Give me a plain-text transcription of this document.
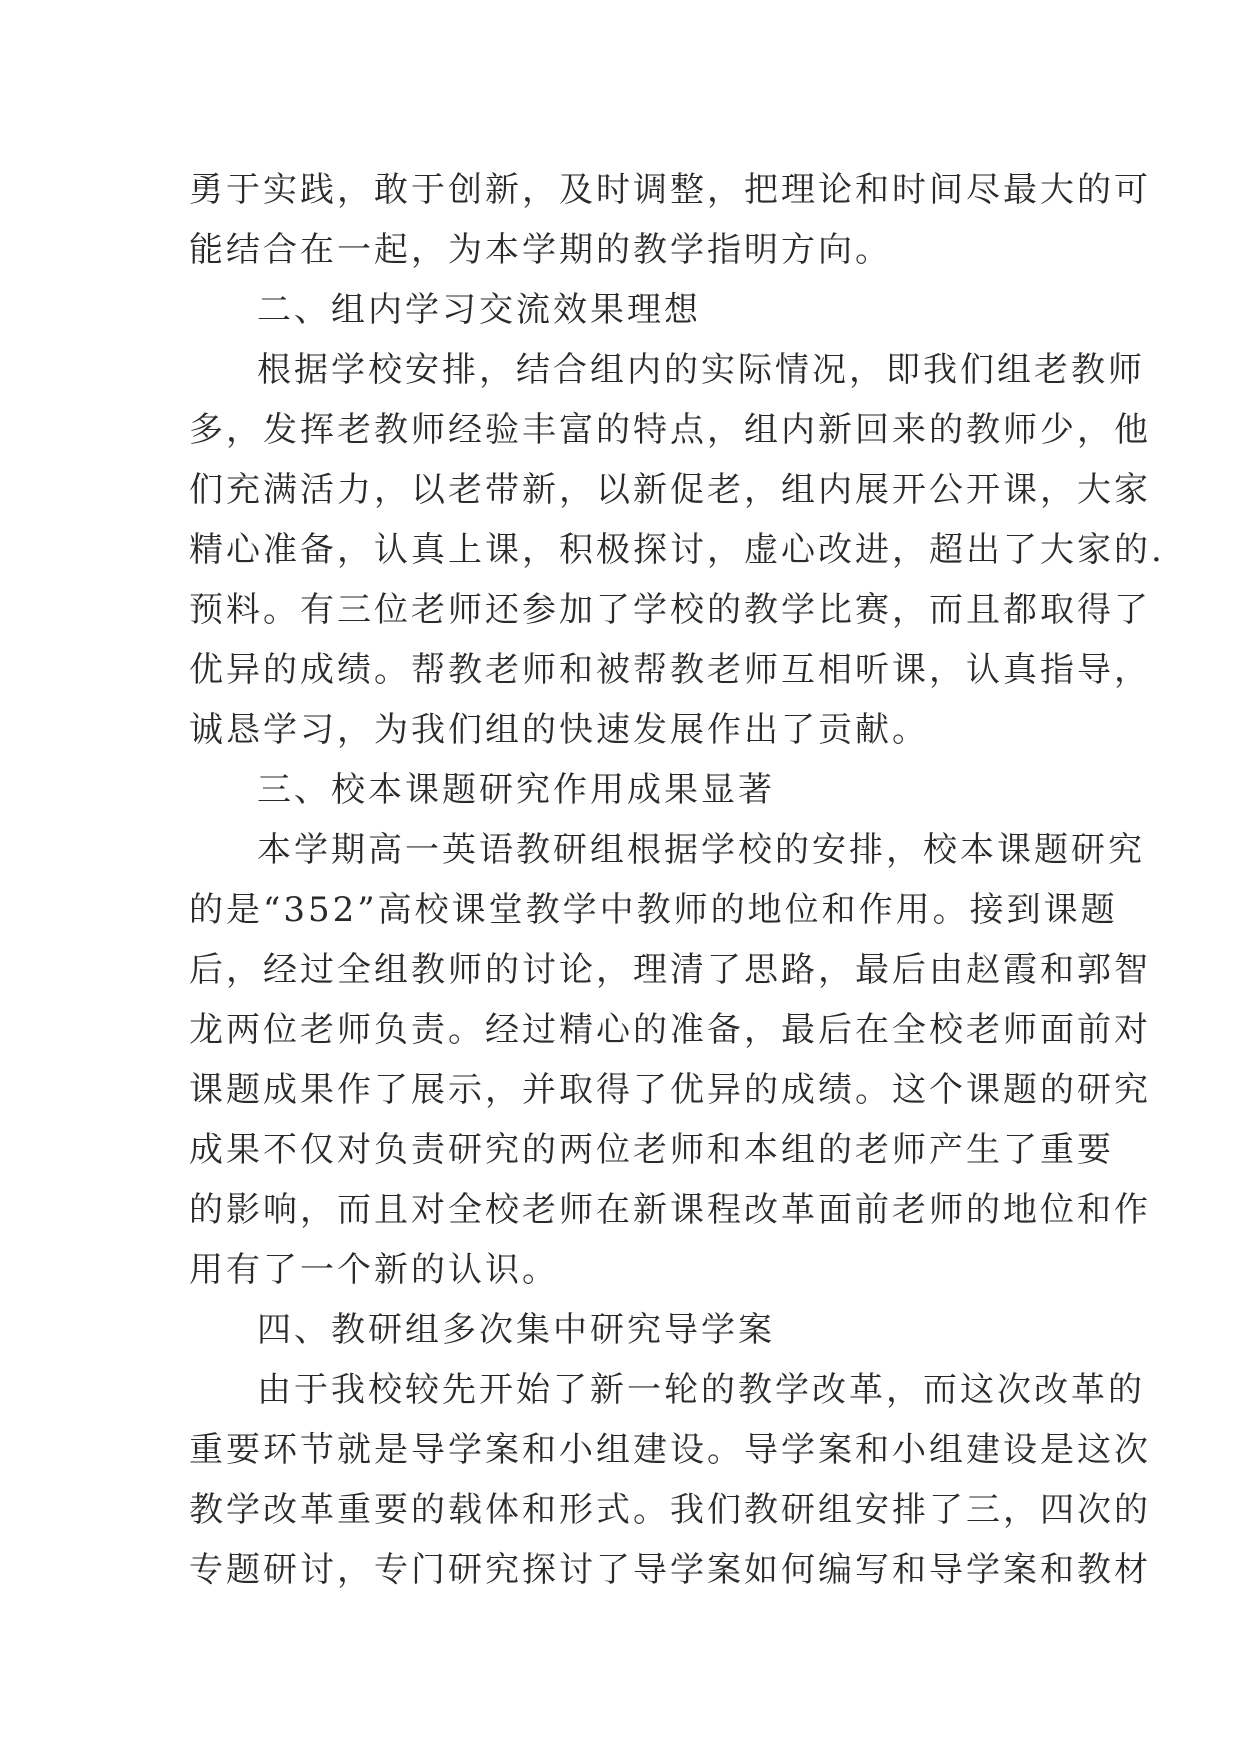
勇于实践，敢于创新，及时调整，把理论和时间尽最大的可
能结合在一起，为本学期的教学指明方向。
二、组内学习交流效果理想
根据学校安排，结合组内的实际情况，即我们组老教师
多，发挥老教师经验丰富的特点，组内新回来的教师少，他
们充满活力，以老带新，以新促老，组内展开公开课，大家
精心准备，认真上课，积极探讨，虚心改进，超出了大家的.
预料。有三位老师还参加了学校的教学比赛，而且都取得了
优异的成绩。帮教老师和被帮教老师互相听课，认真指导，
诚恳学习，为我们组的快速发展作出了贡献。
三、校本课题研究作用成果显著
本学期高一英语教研组根据学校的安排，校本课题研究
的是“352”高校课堂教学中教师的地位和作用。接到课题
后，经过全组教师的讨论，理清了思路，最后由赵霞和郭智
龙两位老师负责。经过精心的准备，最后在全校老师面前对
课题成果作了展示，并取得了优异的成绩。这个课题的研究
成果不仅对负责研究的两位老师和本组的老师产生了重要
的影响，而且对全校老师在新课程改革面前老师的地位和作
用有了一个新的认识。
四、教研组多次集中研究导学案
由于我校较先开始了新一轮的教学改革，而这次改革的
重要环节就是导学案和小组建设。导学案和小组建设是这次
教学改革重要的载体和形式。我们教研组安排了三，四次的
专题研讨，专门研究探讨了导学案如何编写和导学案和教材
